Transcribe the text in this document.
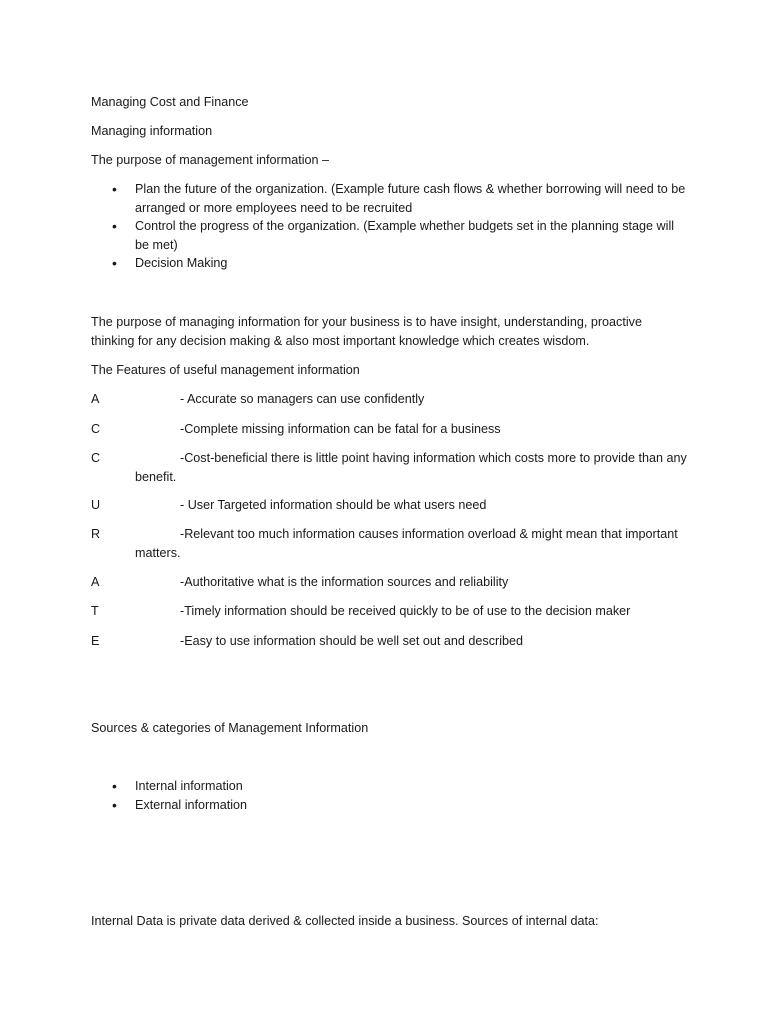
Managing Cost and Finance
Managing information
The purpose of management information –
• Plan the future of the organization. (Example future cash flows & whether borrowing will need to be arranged or more employees need to be recruited
• Control the progress of the organization. (Example whether budgets set in the planning stage will be met)
• Decision Making
The purpose of managing information for your business is to have insight, understanding, proactive thinking for any decision making & also most important knowledge which creates wisdom.
The Features of useful management information
A	- Accurate so managers can use confidently
C	-Complete missing information can be fatal for a business
C	-Cost-beneficial there is little point having information which costs more to provide than any benefit.
U	- User Targeted information should be what users need
R	-Relevant too much information causes information overload & might mean that important matters.
A	-Authoritative what is the information sources and reliability
T	-Timely information should be received quickly to be of use to the decision maker
E	-Easy to use information should be well set out and described
Sources & categories of Management Information
• Internal information
• External information
Internal Data is private data derived & collected inside a business. Sources of internal data:
